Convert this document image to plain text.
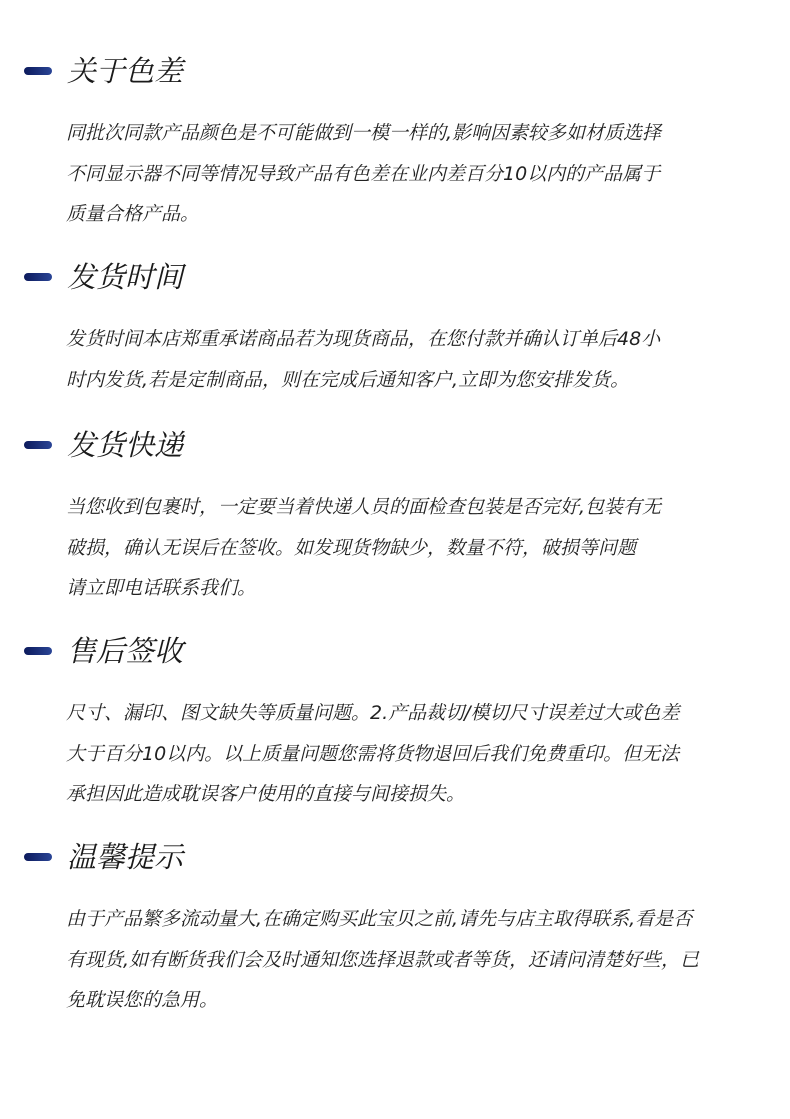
关于色差
同批次同款产品颜色是不可能做到一模一样的,影响因素较多如材质选择
不同显示器不同等情况导致产品有色差在业内差百分10以内的产品属于
质量合格产品。
发货时间
发货时间本店郑重承诺商品若为现货商品，在您付款并确认订单后48小
时内发货,若是定制商品，则在完成后通知客户,立即为您安排发货。
发货快递
当您收到包裹时，一定要当着快递人员的面检查包装是否完好,包装有无
破损，确认无误后在签收。如发现货物缺少，数量不符，破损等问题
请立即电话联系我们。
售后签收
尺寸、漏印、图文缺失等质量问题。2.产品裁切/模切尺寸误差过大或色差
大于百分10以内。以上质量问题您需将货物退回后我们免费重印。但无法
承担因此造成耽误客户使用的直接与间接损失。
温馨提示
由于产品繁多流动量大,在确定购买此宝贝之前,请先与店主取得联系,看是否
有现货,如有断货我们会及时通知您选择退款或者等货，还请问清楚好些，已
免耽误您的急用。
